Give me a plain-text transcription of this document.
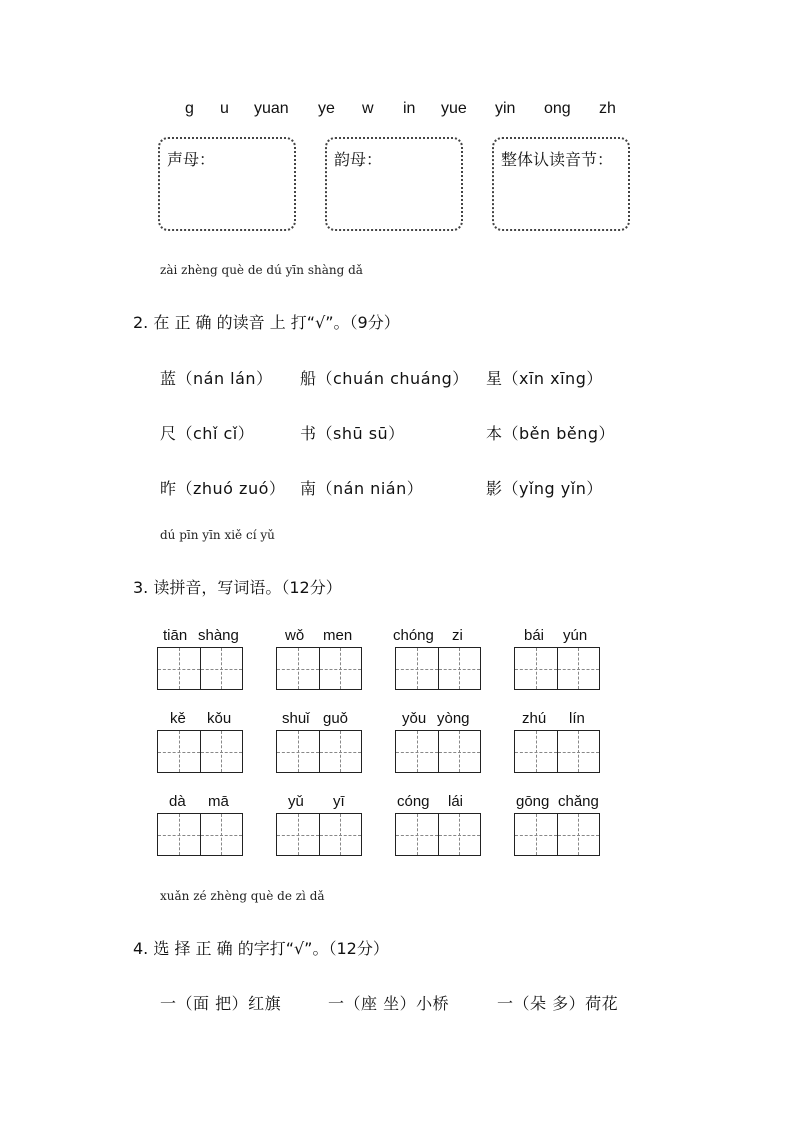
g u yuan ye w in yue yin ong zh
声母：	韵母：	整体认读音节：
zài zhèng què de dú yīn shàng dǎ
2. 在 正 确 的读音 上 打“√”。（9分）
蓝（nán lán） 船（chuán chuáng） 星（xīn xīng）
尺（chǐ cǐ）	书（shū sū）	本（běn běng）
昨（zhuó zuó） 南（nán nián）	影（yǐng yǐn）
dú pīn yīn xiě cí yǔ
3. 读拼音，写词语。（12分）
tiān shàng	wǒ men	chóng zi	bái yún
kě kǒu	shuǐ guǒ	yǒu yòng	zhú lín
dà mā	yǔ yī	cóng lái	gōng chǎng
xuǎn zé zhèng què de zì dǎ
4. 选 择 正 确 的字打“√”。（12分）
一（面 把）红旗	一（座 坐）小桥	一（朵 多）荷花
